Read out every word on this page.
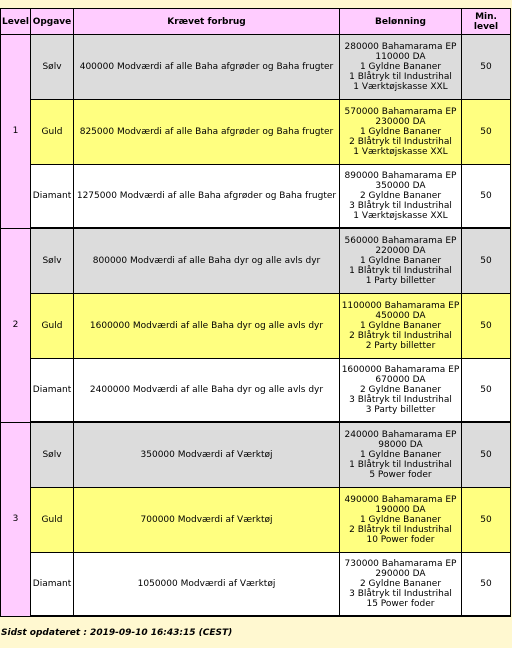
Level	Opgave	Krævet forbrug	Belønning	Min. level
1	Sølv	400000 Modværdi af alle Baha afgrøder og Baha frugter	280000 Bahamarama EP
110000 DA
1 Gyldne Bananer
1 Blåtryk til Industrihal
1 Værktøjskasse XXL	50
	Guld	825000 Modværdi af alle Baha afgrøder og Baha frugter	570000 Bahamarama EP
230000 DA
1 Gyldne Bananer
2 Blåtryk til Industrihal
1 Værktøjskasse XXL	50
	Diamant	1275000 Modværdi af alle Baha afgrøder og Baha frugter	890000 Bahamarama EP
350000 DA
2 Gyldne Bananer
3 Blåtryk til Industrihal
1 Værktøjskasse XXL	50
2	Sølv	800000 Modværdi af alle Baha dyr og alle avls dyr	560000 Bahamarama EP
220000 DA
1 Gyldne Bananer
1 Blåtryk til Industrihal
1 Party billetter	50
	Guld	1600000 Modværdi af alle Baha dyr og alle avls dyr	1100000 Bahamarama EP
450000 DA
1 Gyldne Bananer
2 Blåtryk til Industrihal
2 Party billetter	50
	Diamant	2400000 Modværdi af alle Baha dyr og alle avls dyr	1600000 Bahamarama EP
670000 DA
2 Gyldne Bananer
3 Blåtryk til Industrihal
3 Party billetter	50
3	Sølv	350000 Modværdi af Værktøj	240000 Bahamarama EP
98000 DA
1 Gyldne Bananer
1 Blåtryk til Industrihal
5 Power foder	50
	Guld	700000 Modværdi af Værktøj	490000 Bahamarama EP
190000 DA
1 Gyldne Bananer
2 Blåtryk til Industrihal
10 Power foder	50
	Diamant	1050000 Modværdi af Værktøj	730000 Bahamarama EP
290000 DA
2 Gyldne Bananer
3 Blåtryk til Industrihal
15 Power foder	50
Sidst opdateret : 2019-09-10 16:43:15 (CEST)
